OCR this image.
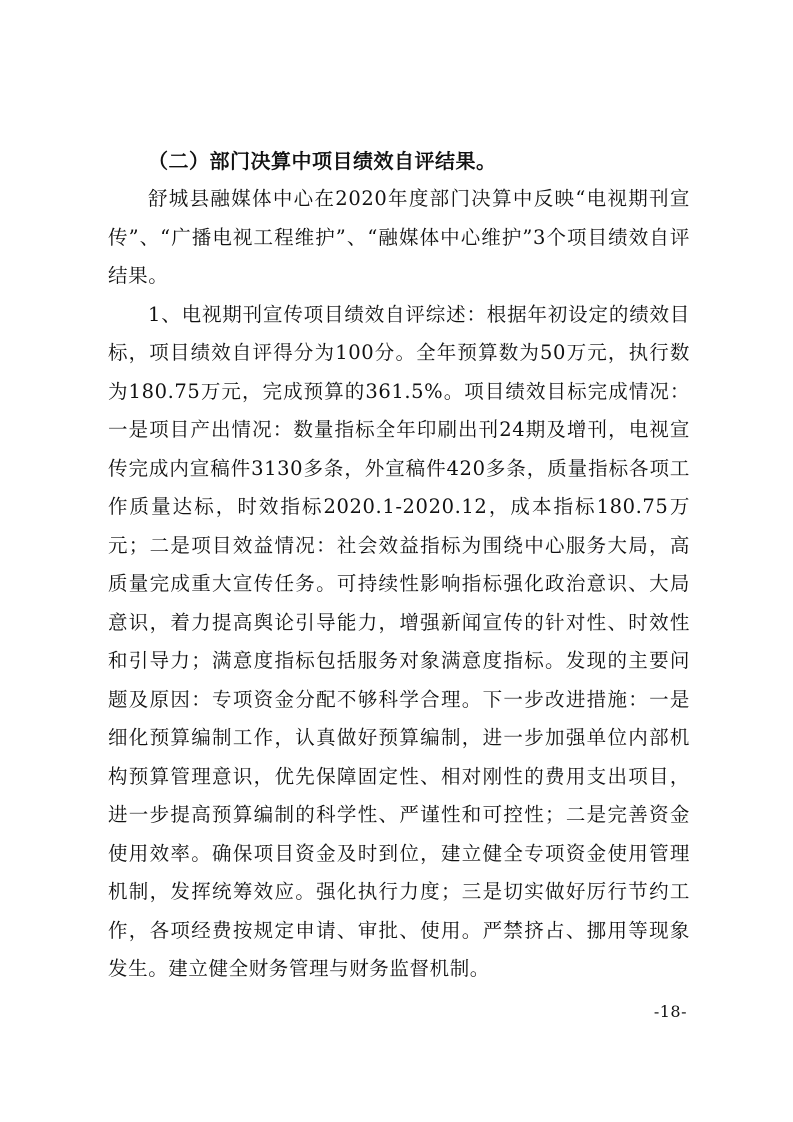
（二）部门决算中项目绩效自评结果。

舒城县融媒体中心在2020年度部门决算中反映“电视期刊宣传”、“广播电视工程维护”、“融媒体中心维护”3个项目绩效自评结果。

1、电视期刊宣传项目绩效自评综述：根据年初设定的绩效目标，项目绩效自评得分为100分。全年预算数为50万元，执行数为180.75万元，完成预算的361.5%。项目绩效目标完成情况：一是项目产出情况：数量指标全年印刷出刊24期及增刊，电视宣传完成内宣稿件3130多条，外宣稿件420多条，质量指标各项工作质量达标，时效指标2020.1-2020.12，成本指标180.75万元；二是项目效益情况：社会效益指标为围绕中心服务大局，高质量完成重大宣传任务。可持续性影响指标强化政治意识、大局意识，着力提高舆论引导能力，增强新闻宣传的针对性、时效性和引导力；满意度指标包括服务对象满意度指标。发现的主要问题及原因：专项资金分配不够科学合理。下一步改进措施：一是细化预算编制工作，认真做好预算编制，进一步加强单位内部机构预算管理意识，优先保障固定性、相对刚性的费用支出项目，进一步提高预算编制的科学性、严谨性和可控性；二是完善资金使用效率。确保项目资金及时到位，建立健全专项资金使用管理机制，发挥统筹效应。强化执行力度；三是切实做好厉行节约工作，各项经费按规定申请、审批、使用。严禁挤占、挪用等现象发生。建立健全财务管理与财务监督机制。

-18-
